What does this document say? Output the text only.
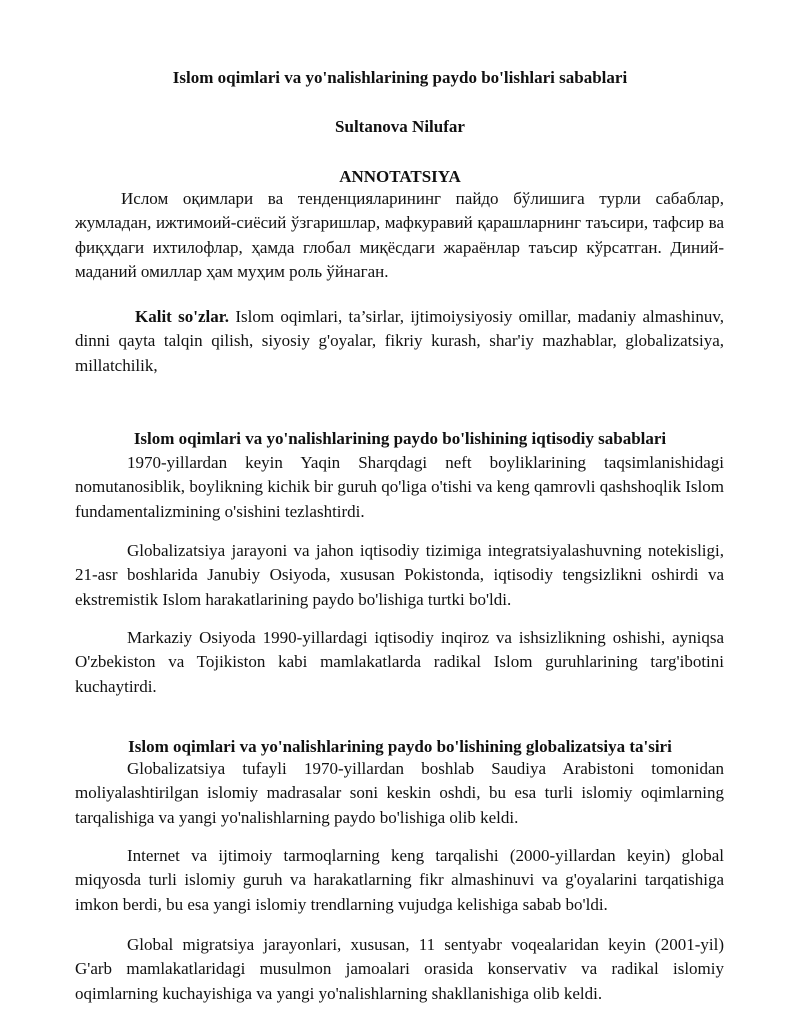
Islom oqimlari va yo'nalishlarining paydo bo'lishlari sabablari
Sultanova Nilufar
ANNOTATSIYA

Ислом оқимлари ва тенденцияларининг пайдо бўлишига турли сабаблар, жумладан, ижтимоий-сиёсий ўзгаришлар, мафкуравий қарашларнинг таъсири, тафсир ва фиқҳдаги ихтилофлар, ҳамда глобал миқёсдаги жараёнлар таъсир кўрсатган. Диний-маданий омиллар ҳам муҳим роль ўйнаган.

Kalit so'zlar. Islom oqimlari, ta’sirlar, ijtimoiysiyosiy omillar, madaniy almashinuv, dinni qayta talqin qilish, siyosiy g'oyalar, fikriy kurash, shar'iy mazhablar, globalizatsiya, millatchilik,

Islom oqimlari va yo'nalishlarining paydo bo'lishining iqtisodiy sabablari

1970-yillardan keyin Yaqin Sharqdagi neft boyliklarining taqsimlanishidagi nomutanosiblik, boylikning kichik bir guruh qo'liga o'tishi va keng qamrovli qashshoqlik Islom fundamentalizmining o'sishini tezlashtirdi.

Globalizatsiya jarayoni va jahon iqtisodiy tizimiga integratsiyalashuvning notekisligi, 21-asr boshlarida Janubiy Osiyoda, xususan Pokistonda, iqtisodiy tengsizlikni oshirdi va ekstremistik Islom harakatlarining paydo bo'lishiga turtki bo'ldi.

Markaziy Osiyoda 1990-yillardagi iqtisodiy inqiroz va ishsizlikning oshishi, ayniqsa O'zbekiston va Tojikiston kabi mamlakatlarda radikal Islom guruhlarining targ'ibotini kuchaytirdi.

Islom oqimlari va yo'nalishlarining paydo bo'lishining globalizatsiya ta'siri

Globalizatsiya tufayli 1970-yillardan boshlab Saudiya Arabistoni tomonidan moliyalashtirilgan islomiy madrasalar soni keskin oshdi, bu esa turli islomiy oqimlarning tarqalishiga va yangi yo'nalishlarning paydo bo'lishiga olib keldi.

Internet va ijtimoiy tarmoqlarning keng tarqalishi (2000-yillardan keyin) global miqyosda turli islomiy guruh va harakatlarning fikr almashinuvi va g'oyalarini tarqatishiga imkon berdi, bu esa yangi islomiy trendlarning vujudga kelishiga sabab bo'ldi.

Global migratsiya jarayonlari, xususan, 11 sentyabr voqealaridan keyin (2001-yil) G'arb mamlakatlaridagi musulmon jamoalari orasida konservativ va radikal islomiy oqimlarning kuchayishiga va yangi yo'nalishlarning shakllanishiga olib keldi.
